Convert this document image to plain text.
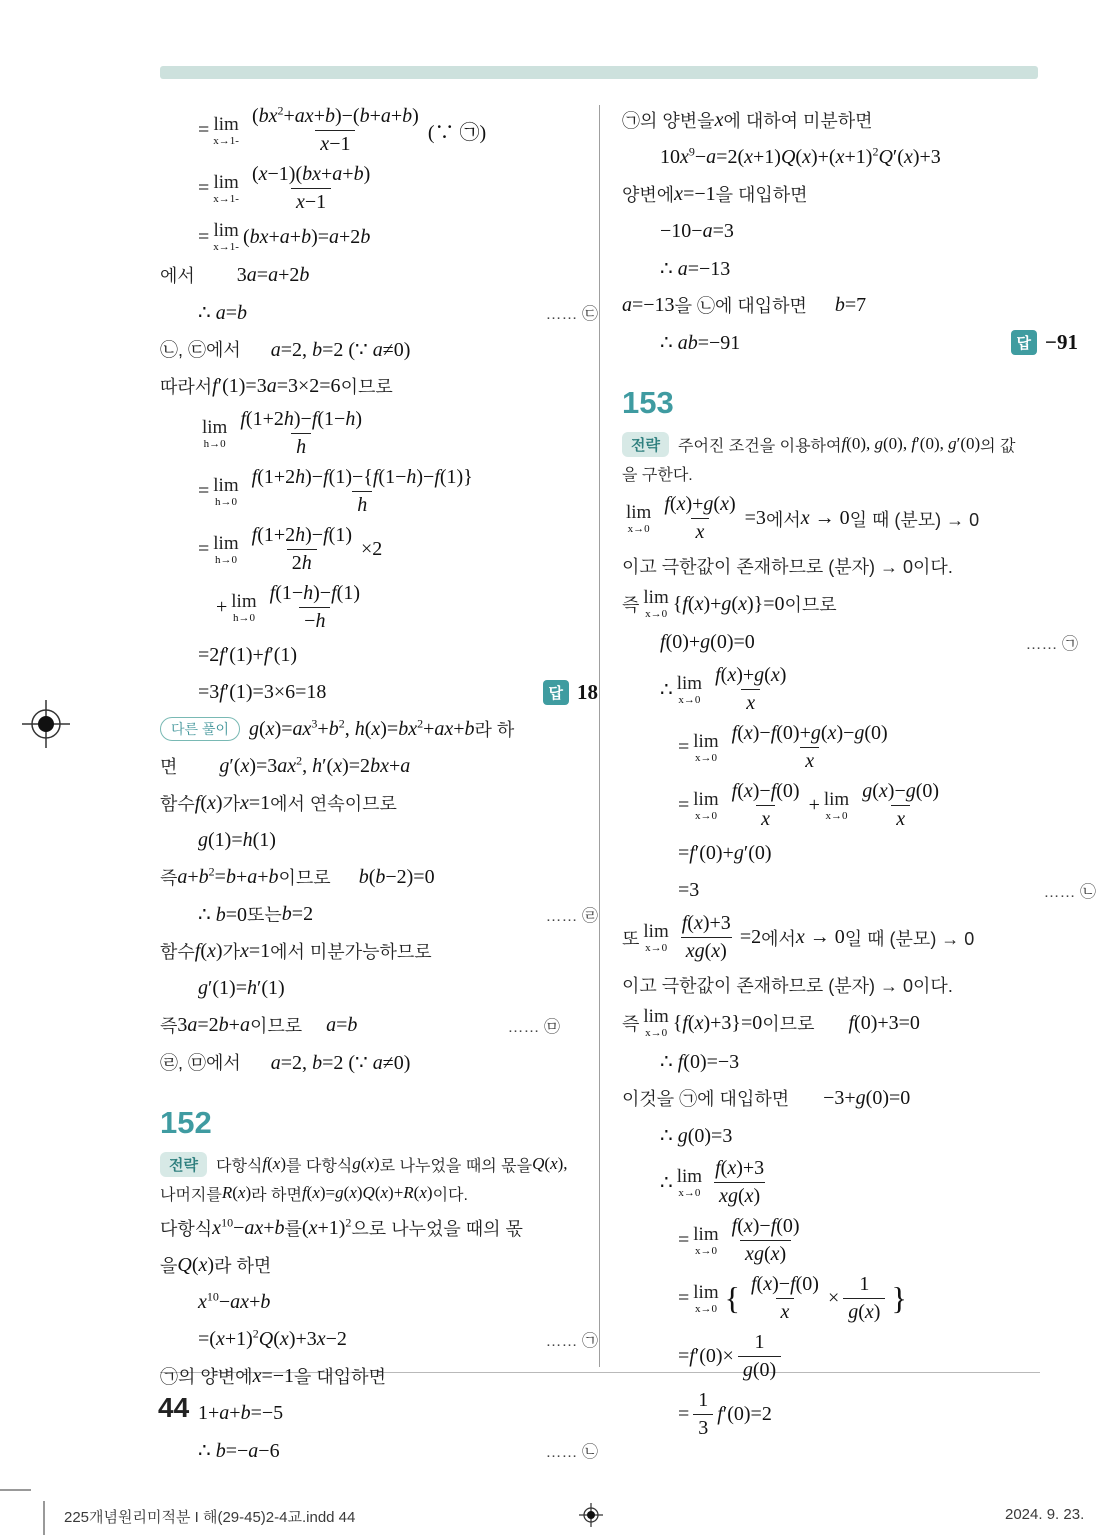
= lim
$x\to 1- \frac{(bx^2+ax+b)-(b+a+b)}{x-1}$ (∵ ㉠)
= lim
$x\to 1- \frac{(x-1)(bx+a+b)}{x-1}$
= lim
x→1- (bx+a+b)=a+2b
에서 3a=a+2b
∴ a=b	…… ㉢
㉡, ㉢에서 a=2, b=2 (∵ a≠0)
따라서 f′(1)=3a=3×2=6 이므로
lim
$h\to 0 \frac{f(1+2h)-f(1-h)}{h}$
= lim
$h\to 0 \frac{f(1+2h)-f(1)-\{f(1-h)-f(1)\}}{h}$
= lim
$h\to 0 \frac{f(1+2h)-f(1)}{2h} \times 2$
+ lim
$h\to 0 \frac{f(1-h)-f(1)}{-h}$
=2f′(1)+f′(1)
=3f′(1)=3×6=18	답 18
다른 풀이	$g(x)=ax^3+b^2$, $h(x)=bx^2+ax+b$ 라 하
면 $g'(x)=3ax^2$, h′(x)=2bx+a
함수 f(x) 가 x=1 에서 연속이므로
g(1)=h(1)
즉 $a+b^2=b+a+b$ 이므로 b(b−2)=0
∴ b=0 또는 b=2	…… ㉣
함수 f(x) 가 x=1 에서 미분가능하므로
g′(1)=h′(1)
즉 3a=2b+a 이므로 a=b	…… ㉤
㉣, ㉤에서 a=2, b=2 (∵ a≠0)
152
전략	다항식 f(x) 를 다항식 g(x) 로 나누었을 때의 몫을 Q(x),
나머지를 R(x) 라 하면 f(x)=g(x)Q(x)+R(x) 이다.
다항식 $x^{10}-ax+b$ 를 $(x+1)^2$ 으로 나누었을 때의 몫
을 Q(x) 라 하면
$x^{10}-ax+b$
$=(x+1)^2Q(x)+3x-2$	…… ㉠
㉠의 양변에 x=−1 을 대입하면
1+a+b=−5
∴ b=−a−6	…… ㉡
㉠의 양변을 x 에 대하여 미분하면
$10x^9-a=2(x+1)Q(x)+(x+1)^2Q'(x)+3$
양변에 x=−1 을 대입하면
−10−a=3
∴ a=−13
a=−13 을 ㉡에 대입하면 b=7
∴ ab=−91	답 −91
153
전략	주어진 조건을 이용하여 f(0), g(0), f′(0), g′(0) 의 값
을 구한다.
lim
$x\to 0 \frac{f(x)+g(x)}{x} =3$ 에서 x → 0 일 때 (분모) → 0
이고 극한값이 존재하므로 (분자) → 0이다.
즉 lim
x→0 {f(x)+g(x)}=0 이므로
f(0)+g(0)=0	…… ㉠
∴ lim
$x\to 0 \frac{f(x)+g(x)}{x}$
= lim
$x\to 0 \frac{f(x)-f(0)+g(x)-g(0)}{x}$
= lim
$x\to 0 \frac{f(x)-f(0)}{x} + \lim$
$x\to 0 \frac{g(x)-g(0)}{x}$
=f′(0)+g′(0)
=3	…… ㉡
또 lim
$x\to 0 \frac{f(x)+3}{xg(x)} =2$ 에서 x → 0 일 때 (분모) → 0
이고 극한값이 존재하므로 (분자) → 0이다.
즉 lim
x→0 {f(x)+3}=0 이므로 f(0)+3=0
∴ f(0)=−3
이것을 ㉠에 대입하면 −3+g(0)=0
∴ g(0)=3
∴ lim
$x\to 0 \frac{f(x)+3}{xg(x)}$
= lim
$x\to 0 \frac{f(x)-f(0)}{xg(x)}$
= lim
x→0 { $\frac{f(x)-f(0)}{x} \times \frac{1}{g(x)}$ }
$=f'(0)\times \frac{1}{g(0)}$
= $\frac{1}{3} f'(0)=2$
44
225개념원리미적분 I 해(29-45)2-4교.indd 44	2024. 9. 23.
